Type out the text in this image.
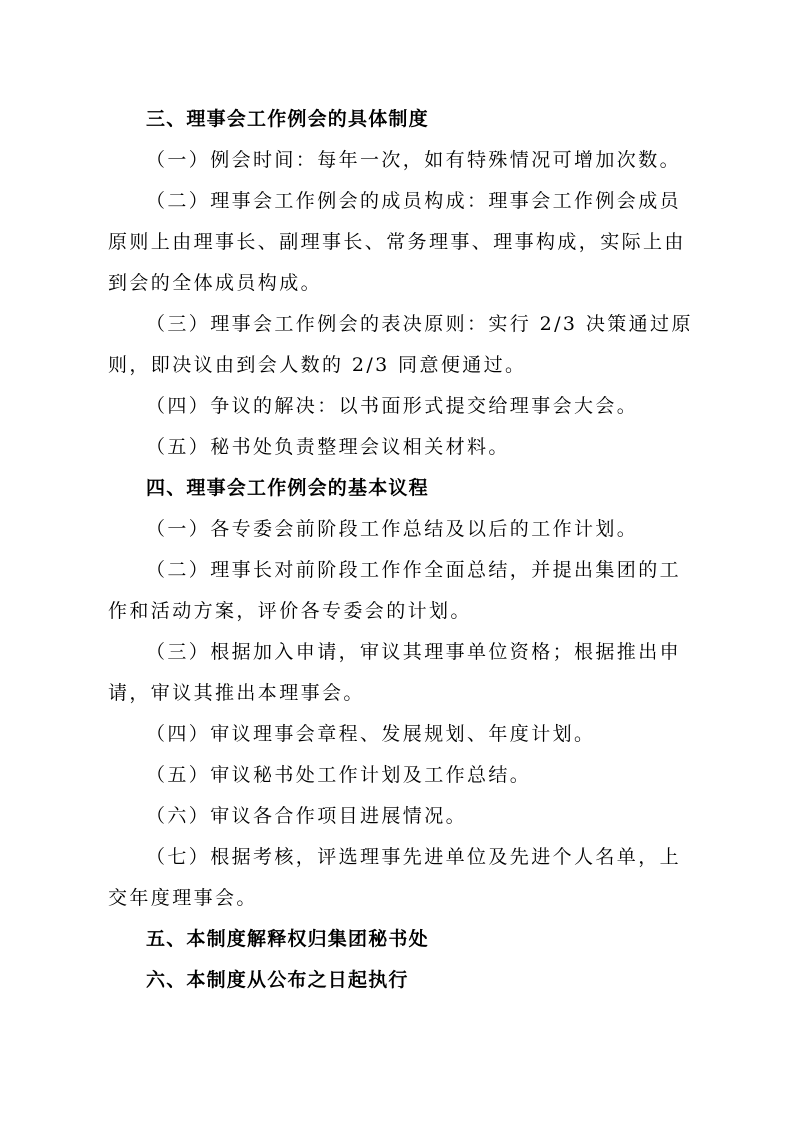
三、理事会工作例会的具体制度
（一）例会时间：每年一次，如有特殊情况可增加次数。
（二）理事会工作例会的成员构成：理事会工作例会成员
原则上由理事长、副理事长、常务理事、理事构成，实际上由
到会的全体成员构成。
（三）理事会工作例会的表决原则：实行 2/3 决策通过原
则，即决议由到会人数的 2/3 同意便通过。
（四）争议的解决：以书面形式提交给理事会大会。
（五）秘书处负责整理会议相关材料。
四、理事会工作例会的基本议程
（一）各专委会前阶段工作总结及以后的工作计划。
（二）理事长对前阶段工作作全面总结，并提出集团的工
作和活动方案，评价各专委会的计划。
（三）根据加入申请，审议其理事单位资格；根据推出申
请，审议其推出本理事会。
（四）审议理事会章程、发展规划、年度计划。
（五）审议秘书处工作计划及工作总结。
（六）审议各合作项目进展情况。
（七）根据考核，评选理事先进单位及先进个人名单，上
交年度理事会。
五、本制度解释权归集团秘书处
六、本制度从公布之日起执行
